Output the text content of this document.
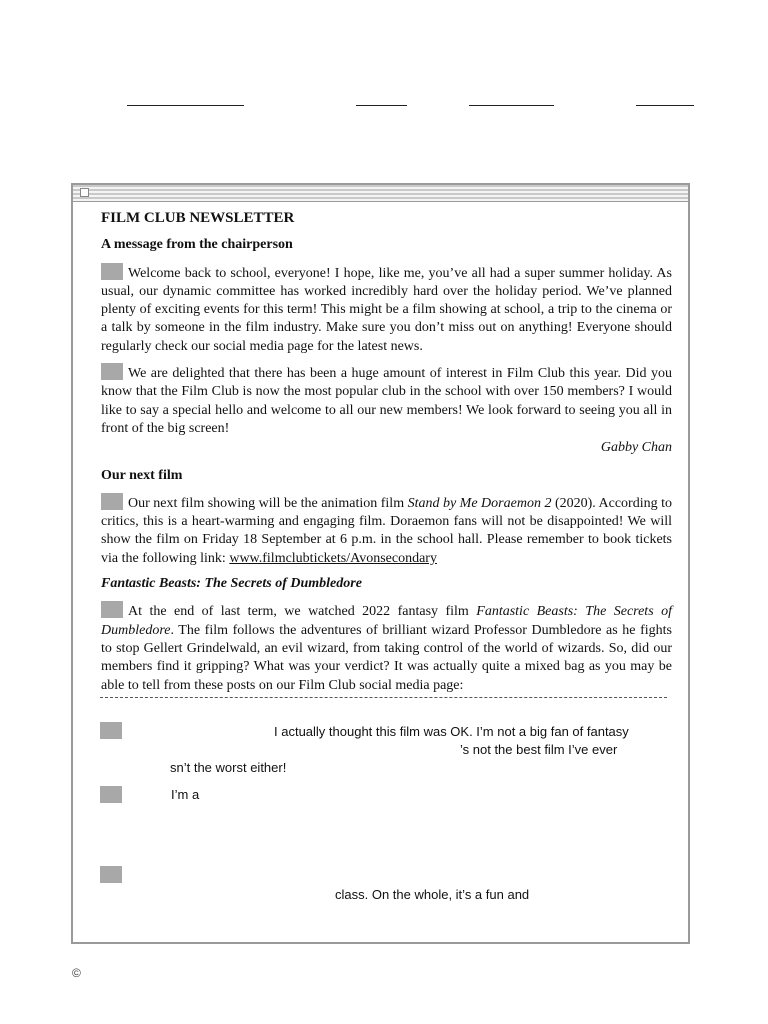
FILM CLUB NEWSLETTER
A message from the chairperson

Welcome back to school, everyone! I hope, like me, you’ve all had a super summer holiday. As usual, our dynamic committee has worked incredibly hard over the holiday period. We’ve planned plenty of exciting events for this term! This might be a film showing at school, a trip to the cinema or a talk by someone in the film industry. Make sure you don’t miss out on anything! Everyone should regularly check our social media page for the latest news.

We are delighted that there has been a huge amount of interest in Film Club this year. Did you know that the Film Club is now the most popular club in the school with over 150 members? I would like to say a special hello and welcome to all our new members! We look forward to seeing you all in front of the big screen!

Gabby Chan
Our next film

Our next film showing will be the animation film Stand by Me Doraemon 2 (2020). According to critics, this is a heart-warming and engaging film. Doraemon fans will not be disappointed! We will show the film on Friday 18 September at 6 p.m. in the school hall. Please remember to book tickets via the following link: www.filmclubtickets/Avonsecondary

Fantastic Beasts: The Secrets of Dumbledore

At the end of last term, we watched 2022 fantasy film Fantastic Beasts: The Secrets of Dumbledore. The film follows the adventures of brilliant wizard Professor Dumbledore as he fights to stop Gellert Grindelwald, an evil wizard, from taking control of the world of wizards. So, did our members find it gripping? What was your verdict? It was actually quite a mixed bag as you may be able to tell from these posts on our Film Club social media page:

I actually thought this film was OK. I’m not a big fan of fantasy
’s not the best film I’ve ever
sn’t the worst either!
I’m a
class. On the whole, it’s a fun and
©
